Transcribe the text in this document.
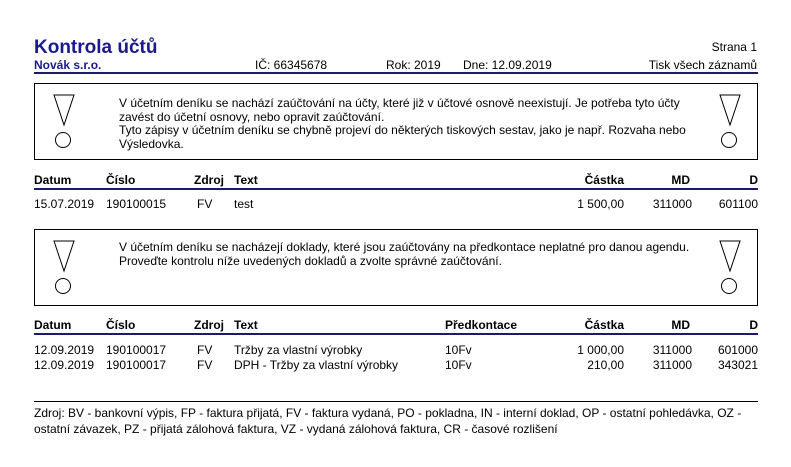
Kontrola účtů	Strana 1
Novák s.r.o.	IČ: 66345678	Rok: 2019 Dne: 12.09.2019	Tisk všech záznamů

V účetním deníku se nachází zaúčtování na účty, které již v účtové osnově neexistují. Je potřeba tyto účty

zavést do účetní osnovy, nebo opravit zaúčtování.

Tyto zápisy v účetním deníku se chybně projeví do některých tiskových sestav, jako je např. Rozvaha nebo

Výsledovka.

Datum	Číslo	Zdroj Text	Částka	MD	D
15.07.2019 190100015	FV test	1 500,00 311000 601100

V účetním deníku se nacházejí doklady, které jsou zaúčtovány na předkontace neplatné pro danou agendu.

Proveďte kontrolu níže uvedených dokladů a zvolte správné zaúčtování.

Datum	Číslo	Zdroj Text	Předkontace	Částka	MD	D
12.09.2019 190100017	FV Tržby za vlastní výrobky	10Fv	1 000,00 311000 601000
12.09.2019 190100017	FV DPH - Tržby za vlastní výrobky	10Fv	210,00 311000 343021
Zdroj: BV - bankovní výpis, FP - faktura přijatá, FV - faktura vydaná, PO - pokladna, IN - interní doklad, OP - ostatní pohledávka, OZ -
ostatní závazek, PZ - přijatá zálohová faktura, VZ - vydaná zálohová faktura, CR - časové rozlišení
